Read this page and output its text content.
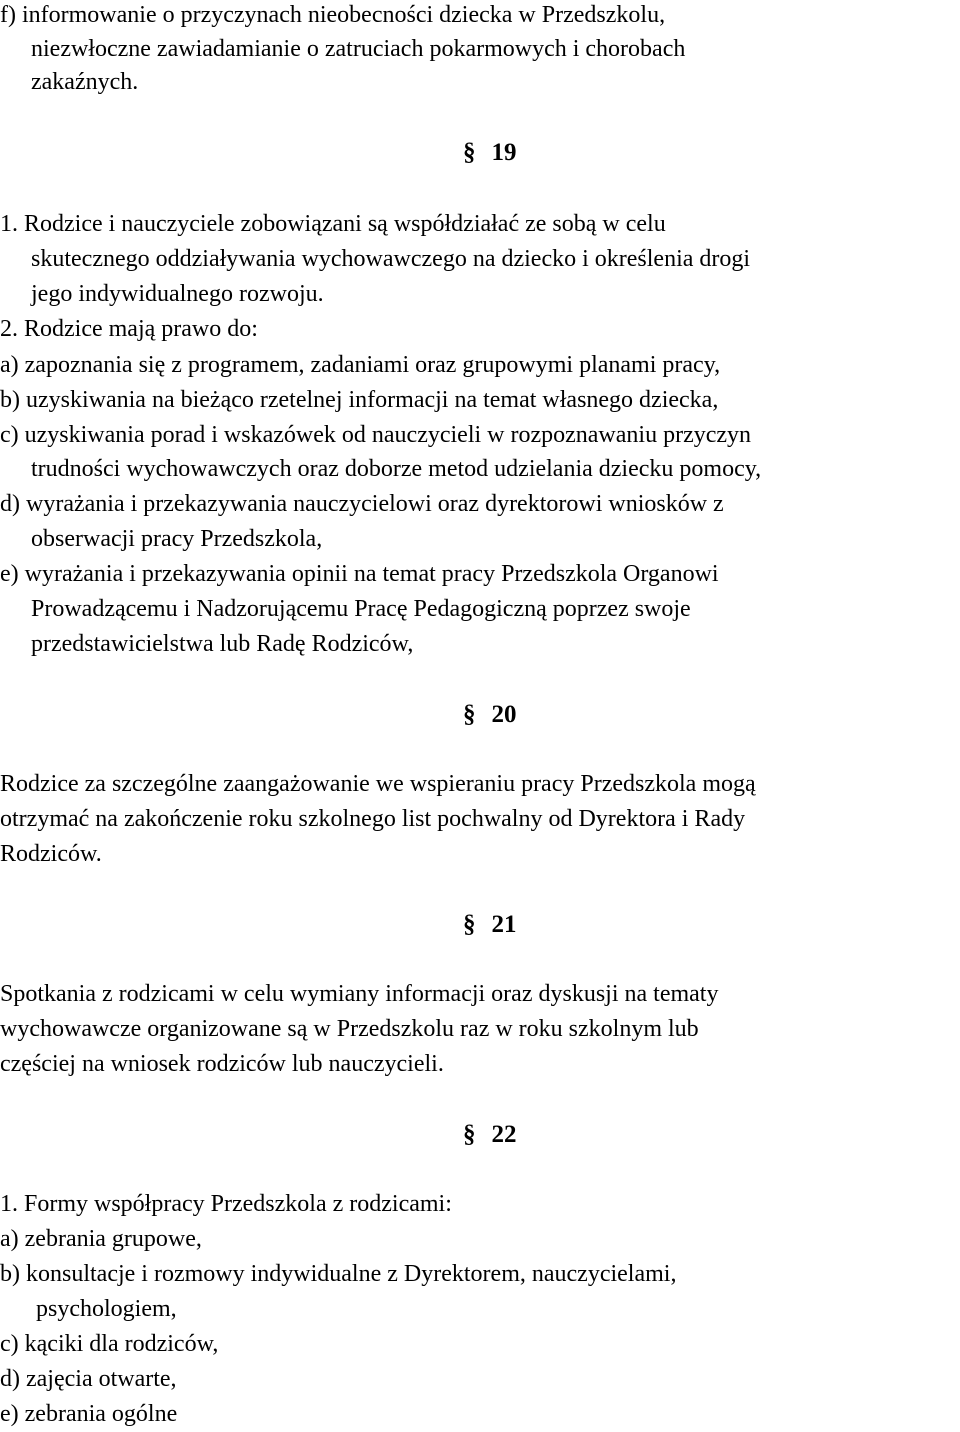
f) informowanie o przyczynach nieobecności dziecka w Przedszkolu,
niezwłoczne zawiadamianie o zatruciach pokarmowych i chorobach
zakaźnych.
§ 19
1. Rodzice i nauczyciele zobowiązani są współdziałać ze sobą w celu
skutecznego oddziaływania wychowawczego na dziecko i określenia drogi
jego indywidualnego rozwoju.
2. Rodzice mają prawo do:
a) zapoznania się z programem, zadaniami oraz grupowymi planami pracy,
b) uzyskiwania na bieżąco rzetelnej informacji na temat własnego dziecka,
c) uzyskiwania porad i wskazówek od nauczycieli w rozpoznawaniu przyczyn
trudności wychowawczych oraz doborze metod udzielania dziecku pomocy,
d) wyrażania i przekazywania nauczycielowi oraz dyrektorowi wniosków z
obserwacji pracy Przedszkola,
e) wyrażania i przekazywania opinii na temat pracy Przedszkola Organowi
Prowadzącemu i Nadzorującemu Pracę Pedagogiczną poprzez swoje
przedstawicielstwa lub Radę Rodziców,
§ 20
Rodzice za szczególne zaangażowanie we wspieraniu pracy Przedszkola mogą
otrzymać na zakończenie roku szkolnego list pochwalny od Dyrektora i Rady
Rodziców.
§ 21
Spotkania z rodzicami w celu wymiany informacji oraz dyskusji na tematy
wychowawcze organizowane są w Przedszkolu raz w roku szkolnym lub
częściej na wniosek rodziców lub nauczycieli.
§ 22
1. Formy współpracy Przedszkola z rodzicami:
a) zebrania grupowe,
b) konsultacje i rozmowy indywidualne z Dyrektorem, nauczycielami,
psychologiem,
c) kąciki dla rodziców,
d) zajęcia otwarte,
e) zebrania ogólne
